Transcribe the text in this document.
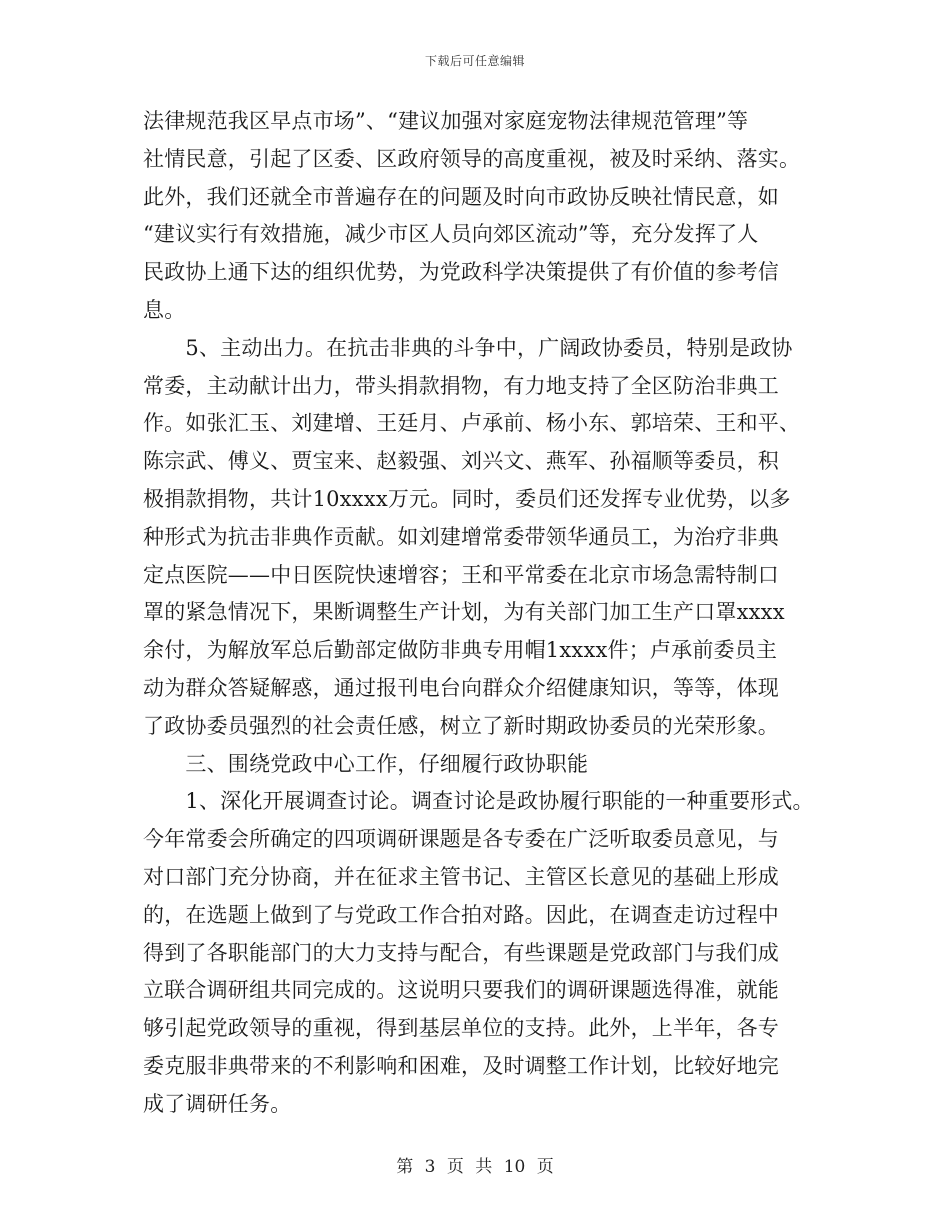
下载后可任意编辑
法律规范我区早点市场”、“建议加强对家庭宠物法律规范管理”等
社情民意，引起了区委、区政府领导的高度重视，被及时采纳、落实。
此外，我们还就全市普遍存在的问题及时向市政协反映社情民意，如
“建议实行有效措施，减少市区人员向郊区流动”等，充分发挥了人
民政协上通下达的组织优势，为党政科学决策提供了有价值的参考信
息。
　　5、主动出力。在抗击非典的斗争中，广阔政协委员，特别是政协
常委，主动献计出力，带头捐款捐物，有力地支持了全区防治非典工
作。如张汇玉、刘建增、王廷月、卢承前、杨小东、郭培荣、王和平、
陈宗武、傅义、贾宝来、赵毅强、刘兴文、燕军、孙福顺等委员，积
极捐款捐物，共计10xxxx万元。同时，委员们还发挥专业优势，以多
种形式为抗击非典作贡献。如刘建增常委带领华通员工，为治疗非典
定点医院——中日医院快速增容；王和平常委在北京市场急需特制口
罩的紧急情况下，果断调整生产计划，为有关部门加工生产口罩xxxx
余付，为解放军总后勤部定做防非典专用帽1xxxx件；卢承前委员主
动为群众答疑解惑，通过报刊电台向群众介绍健康知识，等等，体现
了政协委员强烈的社会责任感，树立了新时期政协委员的光荣形象。
　　三、围绕党政中心工作，仔细履行政协职能
　　1、深化开展调查讨论。调查讨论是政协履行职能的一种重要形式。
今年常委会所确定的四项调研课题是各专委在广泛听取委员意见，与
对口部门充分协商，并在征求主管书记、主管区长意见的基础上形成
的，在选题上做到了与党政工作合拍对路。因此，在调查走访过程中
得到了各职能部门的大力支持与配合，有些课题是党政部门与我们成
立联合调研组共同完成的。这说明只要我们的调研课题选得准，就能
够引起党政领导的重视，得到基层单位的支持。此外，上半年，各专
委克服非典带来的不利影响和困难，及时调整工作计划，比较好地完
成了调研任务。
第 3 页 共 10 页
